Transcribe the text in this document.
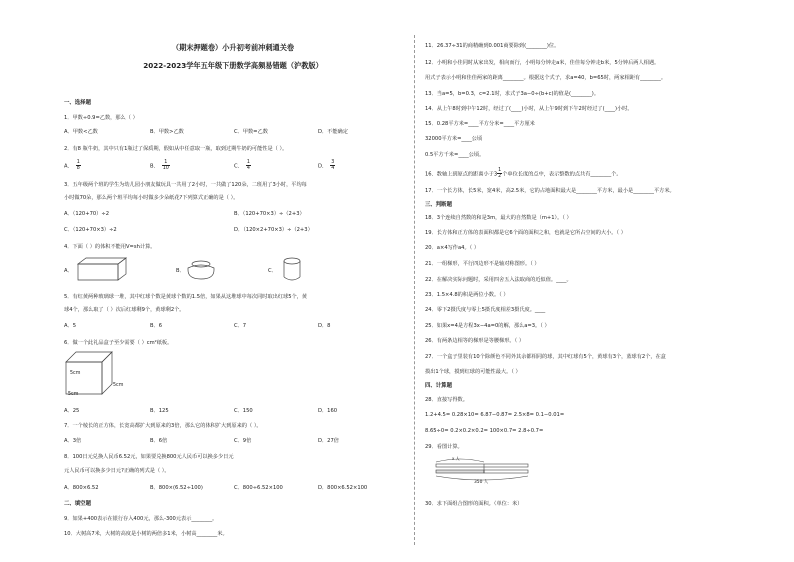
（期末押题卷）小升初考前冲刺通关卷
2022-2023学年五年级下册数学高频易错题（沪教版）
一、选择题
1．甲数÷0.9=乙数，那么（ ）
A．甲数<乙数	B．甲数>乙数	C．甲数=乙数	D．不能确定
2．有8 瓶牛奶，其中只有1瓶过了保质期，假如从中任意取一瓶，取到过期牛奶的可能性是（ ）。
A． $\frac{1}{8}$	B． $\frac{1}{10}$	C． $\frac{1}{4}$	D． $\frac{3}{4}$
3．五年级两个班的学生为幼儿园小朋友做玩具一共用了2小时，一共做了120朵，二班用了3小时，平均每
小时做70朵，那么两个班平均每小时做多少朵纸花?下列算式正确的是（ ）。
A．（120+70）÷2	B．（120+70×3）÷（2+3）
C．（120+70×3）÷2	D．（120×2+70×3）÷（2+3）
4．下面（ ）的体积不能用V=sh计算。
A．	B．	C．
5．有红黄两种玻璃球一堆，其中红球个数是黄球个数的1.5倍，如果从这堆球中每次同时取出红球5个，黄
球4个，那么取了（ ）次后红球剩9个，黄球剩2个。
A．5	B．6	C．7	D．8
6．做一个此礼品盒子至少需要（ ）cm²纸板。
5cm
5cm
5cm
A．25	B．125	C．150	D．160
7．一个棱长的正方体，长宽高都扩大到原来的3倍，那么它的体积扩大到原来的（ ）。
A．3倍	B．6倍	C．9倍	D．27倍
8．100日元兑换人民币6.52元，如果要兑换800元人民币可以换多少日元
元人民币可以换多少日元?正确的列式是（ ）。
A．800×6.52	B．800×(6.52÷100)	C．800÷6.52×100	D．800×6.52×100
二、填空题
9．如果+400表示在银行存入400元，那么-300元表示________。
10．大树高7米，大树的高度是小树的两倍多1米，小树高________米。
11．26.37÷31的商精确到0.001商要除到(________)位。
12．小明和小佳同时从家出发，相向而行，小明每分钟走a米，佳佳每分钟走b米，5分钟后两人相遇。
用式子表示小明和佳佳两家的距离________。根据这个式子，求a=40，b=65时，两家相距有________。
13．当a=5，b=0.3，c=2.1时，求式子3a−0÷(b+c)的值是(________)。
14．从上午8时到中午12时，经过了(____)小时，从上午9时到下午2时经过了(____)小时。
15．0.28平方米=____平方分米=____平方厘米
32000平方米=____公顷
0.5平方千米=____公顷。
16．数轴上到原点的距离小于$3 \frac{1}{2}$ 个单位长度的点中，表示整数的点共有________个。
17．一个长方体，长5米，宽4米，高2.5米，它的占地面积最大是________平方米，最小是________平方米。
三、判断题
18．3个连续自然数的和是3m，最大的自然数是（m+1）。（ ）
19．长方体和正方体的表面积都是它6个面的面积之和，也就是它所占空间的大小。（ ）
20．a×4写作a4。（ ）
21．一组梯形，平行四边形不是轴对称图形。（ ）
22．在解决实际问题时，采用四舍五入法取商的近似值。____。
23．1.5×4.8的积是两位小数。（ ）
24．零下2摄氏度与零上5摄氏度相差3摄氏度。____
25．如果x=4是方程3x−4a=0的解，那么a=3。（ ）
26．有两条边相等的梯形是等腰梯形。（ ）
27．一个盒子里装有10个除颜色不同外其余都相同的球，其中红球有5个，黄球有3个，蓝球有2个，在盒
摸出1个球，摸到红球的可能性最大。（ ）
四、计算题
28．直接写得数。
1.2+4.5= 0.28×10= 6.87−0.87= 2.5×8= 0.1−0.01=
8.65÷0= 0.2×0.2×0.2= 100×0.7= 2.8÷0.7=
29．看图计算。
x 人
350 人
30．求下面组合图形的面积。（单位：米）
